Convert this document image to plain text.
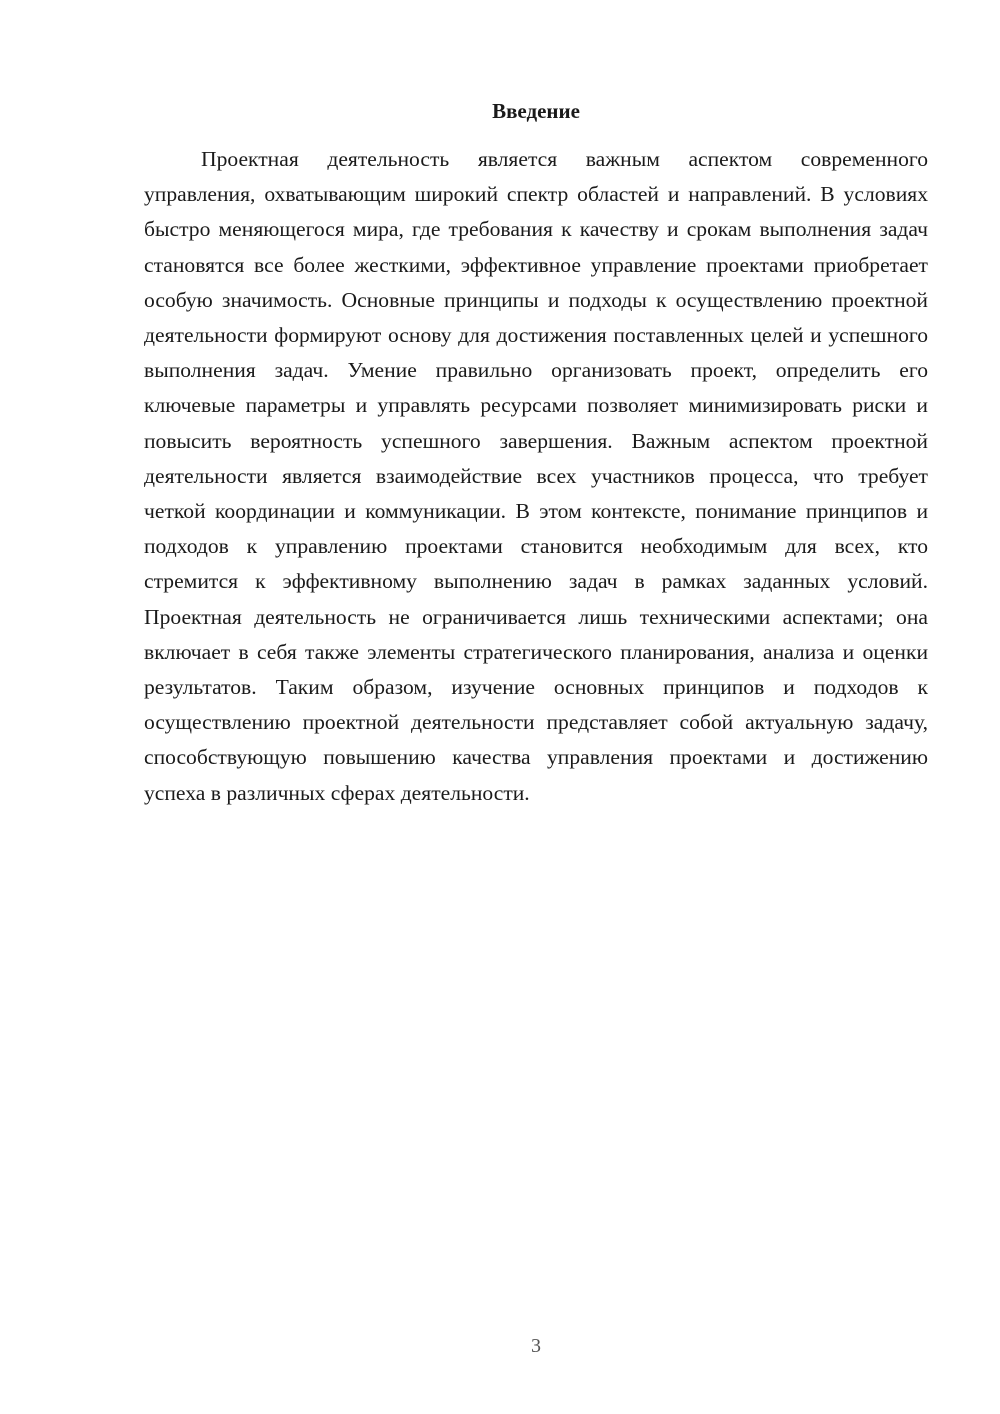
Введение

Проектная деятельность является важным аспектом современного управления, охватывающим широкий спектр областей и направлений. В условиях быстро меняющегося мира, где требования к качеству и срокам выполнения задач становятся все более жесткими, эффективное управление проектами приобретает особую значимость. Основные принципы и подходы к осуществлению проектной деятельности формируют основу для достижения поставленных целей и успешного выполнения задач. Умение правильно организовать проект, определить его ключевые параметры и управлять ресурсами позволяет минимизировать риски и повысить вероятность успешного завершения. Важным аспектом проектной деятельности является взаимодействие всех участников процесса, что требует четкой координации и коммуникации. В этом контексте, понимание принципов и подходов к управлению проектами становится необходимым для всех, кто стремится к эффективному выполнению задач в рамках заданных условий. Проектная деятельность не ограничивается лишь техническими аспектами; она включает в себя также элементы стратегического планирования, анализа и оценки результатов. Таким образом, изучение основных принципов и подходов к осуществлению проектной деятельности представляет собой актуальную задачу, способствующую повышению качества управления проектами и достижению успеха в различных сферах деятельности.

3
